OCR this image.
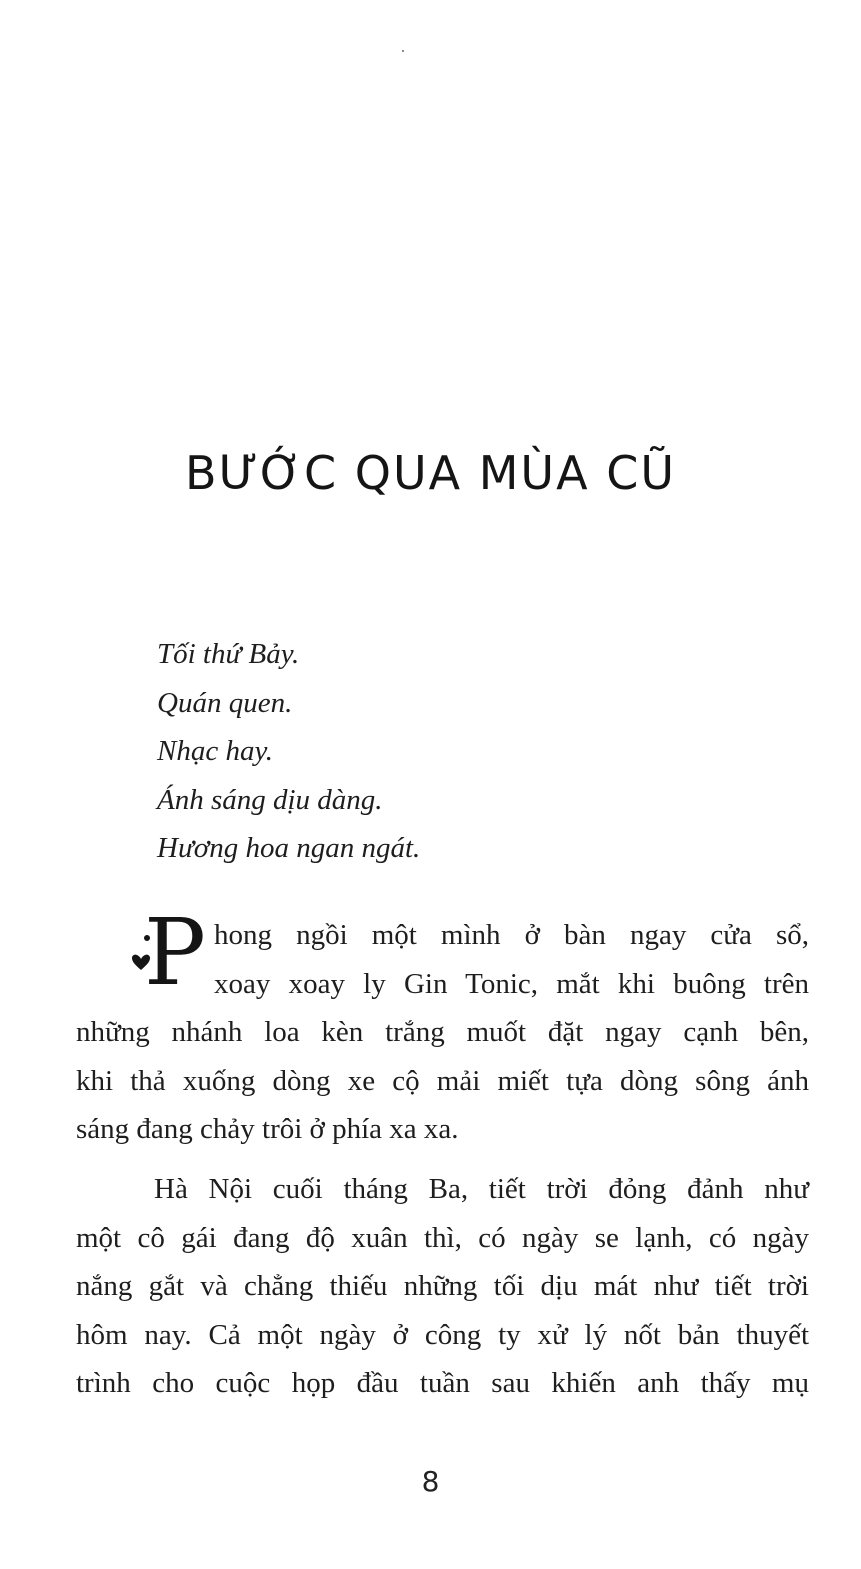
BƯỚC QUA MÙA CŨ
Tối thứ Bảy.
Quán quen.
Nhạc hay.
Ánh sáng dịu dàng.
Hương hoa ngan ngát.
P hong ngồi một mình ở bàn ngay cửa sổ,
xoay xoay ly Gin Tonic, mắt khi buông trên
những nhánh loa kèn trắng muốt đặt ngay cạnh bên,
khi thả xuống dòng xe cộ mải miết tựa dòng sông ánh
sáng đang chảy trôi ở phía xa xa.
Hà Nội cuối tháng Ba, tiết trời đỏng đảnh như
một cô gái đang độ xuân thì, có ngày se lạnh, có ngày
nắng gắt và chẳng thiếu những tối dịu mát như tiết trời
hôm nay. Cả một ngày ở công ty xử lý nốt bản thuyết
trình cho cuộc họp đầu tuần sau khiến anh thấy mụ
8
